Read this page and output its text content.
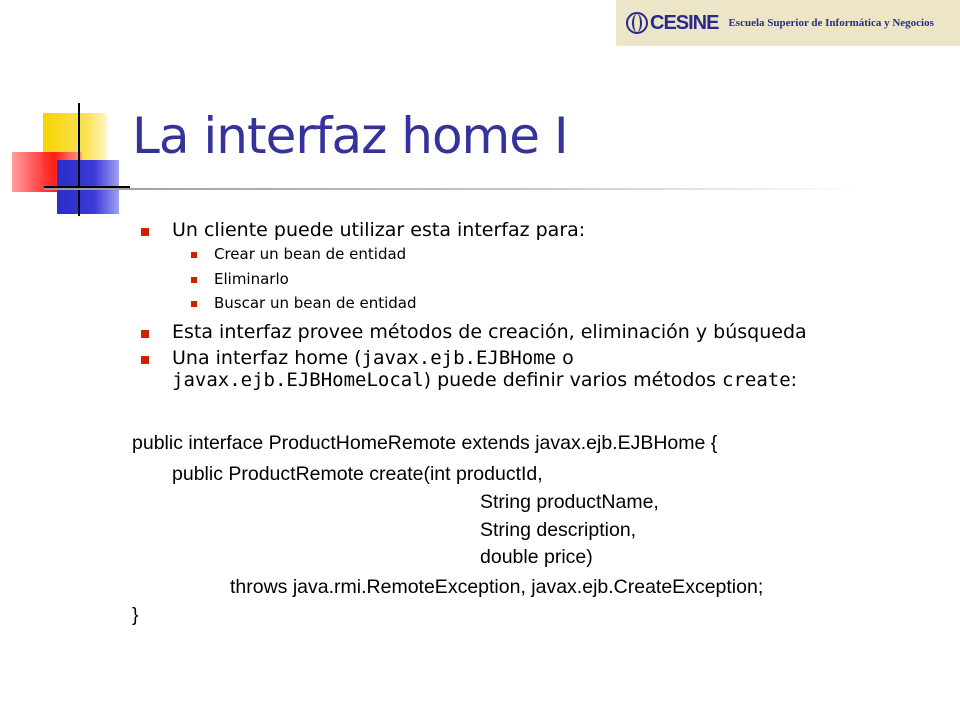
CESINE Escuela Superior de Informática y Negocios
La interfaz home I
Un cliente puede utilizar esta interfaz para:
Crear un bean de entidad
Eliminarlo
Buscar un bean de entidad
Esta interfaz provee métodos de creación, eliminación y búsqueda
Una interfaz home (javax.ejb.EJBHome o
javax.ejb.EJBHomeLocal) puede definir varios métodos create:
public interface ProductHomeRemote extends javax.ejb.EJBHome {
public ProductRemote create(int productId,
String productName,
String description,
double price)
throws java.rmi.RemoteException, javax.ejb.CreateException;
}
